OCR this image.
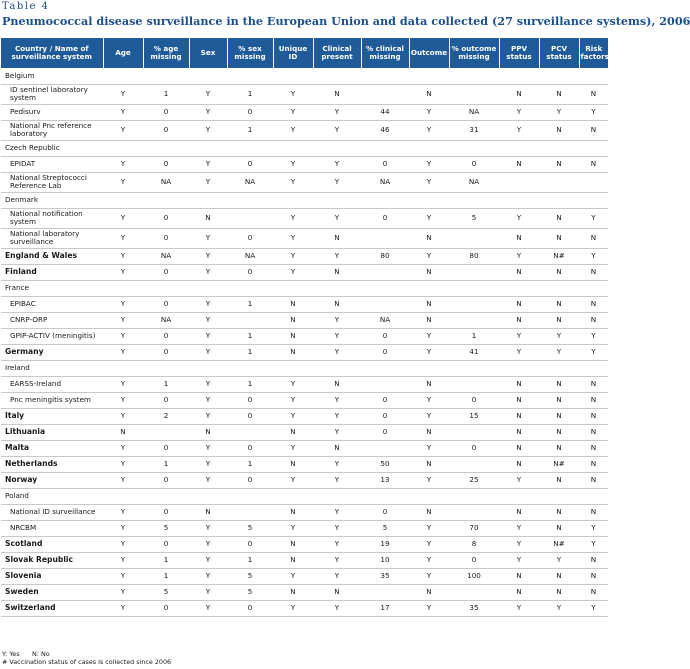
Table 4
Pneumococcal disease surveillance in the European Union and data collected (27 surveillance systems), 2006
Country / Name of surveillance system	Age	% age missing	Sex	% sex missing	Unique ID	Clinical present	% clinical missing	Outcome	% outcome missing	PPV status	PCV status	Risk factors
Belgium												
ID sentinel laboratory system	Y	1	Y	1	Y	N		N		N	N	N
Pedisurv	Y	0	Y	0	Y	Y	44	Y	NA	Y	Y	Y
National Pnc reference laboratory	Y	0	Y	1	Y	Y	46	Y	31	Y	N	N
Czech Republic												
EPIDAT	Y	0	Y	0	Y	Y	0	Y	0	N	N	N
National Streptococci Reference Lab	Y	NA	Y	NA	Y	Y	NA	Y	NA			
Denmark												
National notification system	Y	0	N		Y	Y	0	Y	5	Y	N	Y
National laboratory surveillance	Y	0	Y	0	Y	N		N		N	N	N
England & Wales	Y	NA	Y	NA	Y	Y	80	Y	80	Y	N#	Y
Finland	Y	0	Y	0	Y	N		N		N	N	N
France												
EPIBAC	Y	0	Y	1	N	N		N		N	N	N
CNRP-ORP	Y	NA	Y		N	Y	NA	N		N	N	N
GPIP-ACTIV (meningitis)	Y	0	Y	1	N	Y	0	Y	1	Y	Y	Y
Germany	Y	0	Y	1	N	Y	0	Y	41	Y	Y	Y
Ireland												
EARSS-Ireland	Y	1	Y	1	Y	N		N		N	N	N
Pnc meningitis system	Y	0	Y	0	Y	Y	0	Y	0	N	N	N
Italy	Y	2	Y	0	Y	Y	0	Y	15	N	N	N
Lithuania	N		N		N	Y	0	N		N	N	N
Malta	Y	0	Y	0	Y	N		Y	0	N	N	N
Netherlands	Y	1	Y	1	N	Y	50	N		N	N#	N
Norway	Y	0	Y	0	Y	Y	13	Y	25	Y	N	N
Poland												
National ID surveillance	Y	0	N		N	Y	0	N		N	N	N
NRCBM	Y	5	Y	5	Y	Y	5	Y	70	Y	N	Y
Scotland	Y	0	Y	0	N	Y	19	Y	8	Y	N#	Y
Slovak Republic	Y	1	Y	1	N	Y	10	Y	0	Y	Y	N
Slovenia	Y	1	Y	5	Y	Y	35	Y	100	N	N	N
Sweden	Y	5	Y	5	N	N		N		N	N	N
Switzerland	Y	0	Y	0	Y	Y	17	Y	35	Y	Y	Y
Y: Yes N: No
# Vaccination status of cases is collected since 2006
